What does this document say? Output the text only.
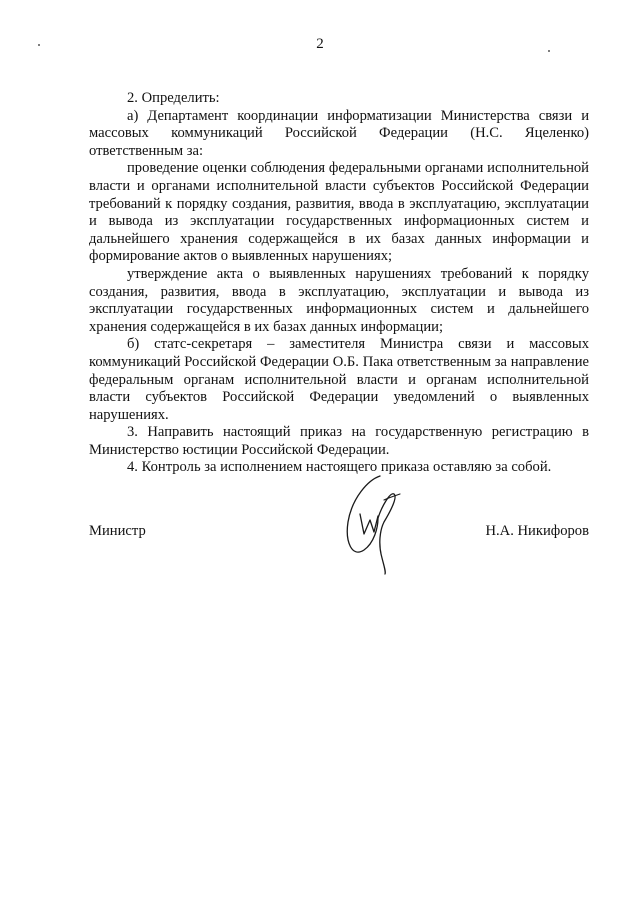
2

2. Определить:

а) Департамент координации информатизации Министерства связи и массовых коммуникаций Российской Федерации (Н.С. Яцеленко) ответственным за:

проведение оценки соблюдения федеральными органами исполнительной власти и органами исполнительной власти субъектов Российской Федерации требований к порядку создания, развития, ввода в эксплуатацию, эксплуатации и вывода из эксплуатации государственных информационных систем и дальнейшего хранения содержащейся в их базах данных информации и формирование актов о выявленных нарушениях;

утверждение акта о выявленных нарушениях требований к порядку создания, развития, ввода в эксплуатацию, эксплуатации и вывода из эксплуатации государственных информационных систем и дальнейшего хранения содержащейся в их базах данных информации;

б) статс-секретаря – заместителя Министра связи и массовых коммуникаций Российской Федерации О.Б. Пака ответственным за направление федеральным органам исполнительной власти и органам исполнительной власти субъектов Российской Федерации уведомлений о выявленных нарушениях.

3. Направить настоящий приказ на государственную регистрацию в Министерство юстиции Российской Федерации.

4. Контроль за исполнением настоящего приказа оставляю за собой.

Министр	Н.А. Никифоров
